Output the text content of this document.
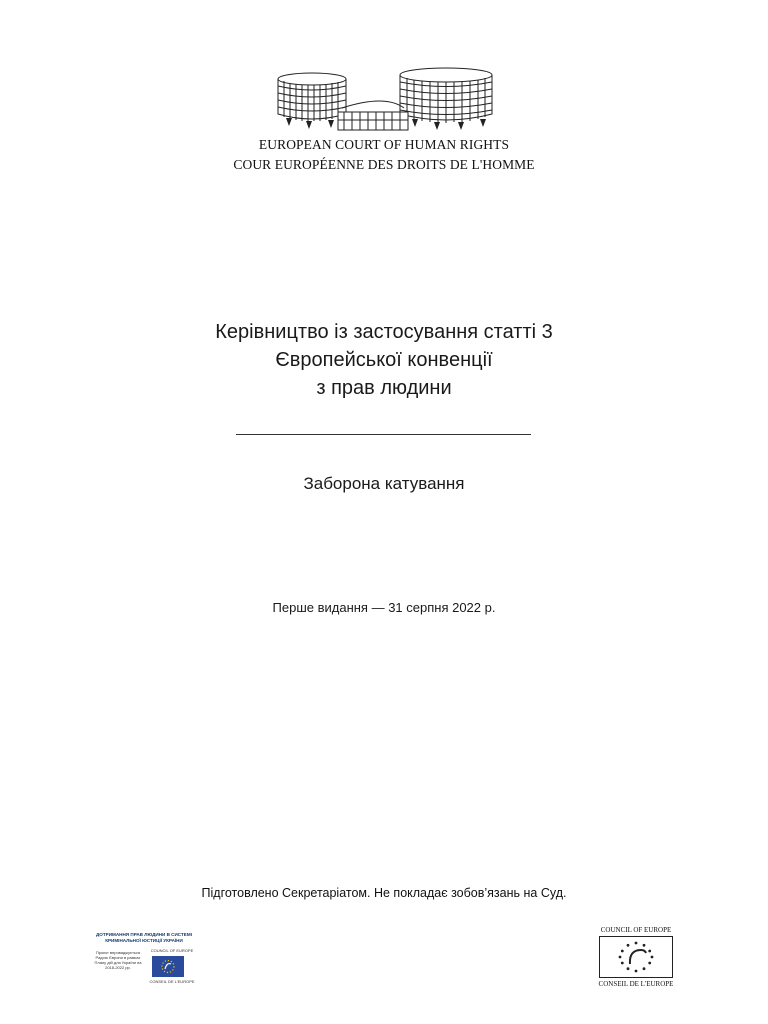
EUROPEAN COURT OF HUMAN RIGHTS
COUR EUROPÉENNE DES DROITS DE L'HOMME
Керівництво із застосування статті 3
Європейської конвенції
з прав людини
Заборона катування
Перше видання — 31 серпня 2022 р.
Підготовлено Секретаріатом. Не покладає зобов’язань на Суд.
ДОТРИМАННЯ ПРАВ ЛЮДИНИ В СИСТЕМІ КРИМІНАЛЬНОЇ ЮСТИЦІЇ УКРАЇНИ
Проєкт впроваджується Радою Європи в рамках Плану дій для України на 2018-2022 рр.
COUNCIL OF EUROPE
CONSEIL DE L'EUROPE
COUNCIL OF EUROPE
CONSEIL DE L'EUROPE
